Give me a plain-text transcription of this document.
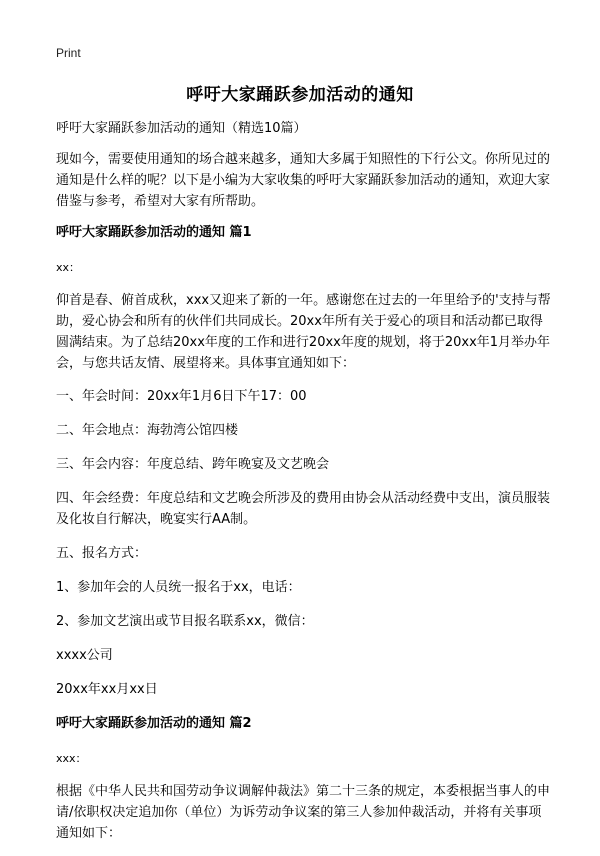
Print
呼吁大家踊跃参加活动的通知

呼吁大家踊跃参加活动的通知（精选10篇）

现如今，需要使用通知的场合越来越多，通知大多属于知照性的下行公文。你所见过的通知是什么样的呢？以下是小编为大家收集的呼吁大家踊跃参加活动的通知，欢迎大家借鉴与参考，希望对大家有所帮助。

呼吁大家踊跃参加活动的通知 篇1

xx：

仰首是春、俯首成秋，xxx又迎来了新的一年。感谢您在过去的一年里给予的'支持与帮助，爱心协会和所有的伙伴们共同成长。20xx年所有关于爱心的项目和活动都已取得圆满结束。为了总结20xx年度的工作和进行20xx年度的规划，将于20xx年1月举办年会，与您共话友情、展望将来。具体事宜通知如下：

一、年会时间：20xx年1月6日下午17：00

二、年会地点：海勃湾公馆四楼

三、年会内容：年度总结、跨年晚宴及文艺晚会

四、年会经费：年度总结和文艺晚会所涉及的费用由协会从活动经费中支出，演员服装及化妆自行解决，晚宴实行AA制。

五、报名方式：

1、参加年会的人员统一报名于xx，电话：

2、参加文艺演出或节目报名联系xx，微信：

xxxx公司

20xx年xx月xx日

呼吁大家踊跃参加活动的通知 篇2

xxx：

根据《中华人民共和国劳动争议调解仲裁法》第二十三条的规定，本委根据当事人的申请/依职权决定追加你（单位）为诉劳动争议案的第三人参加仲裁活动，并将有关事项通知如下：
